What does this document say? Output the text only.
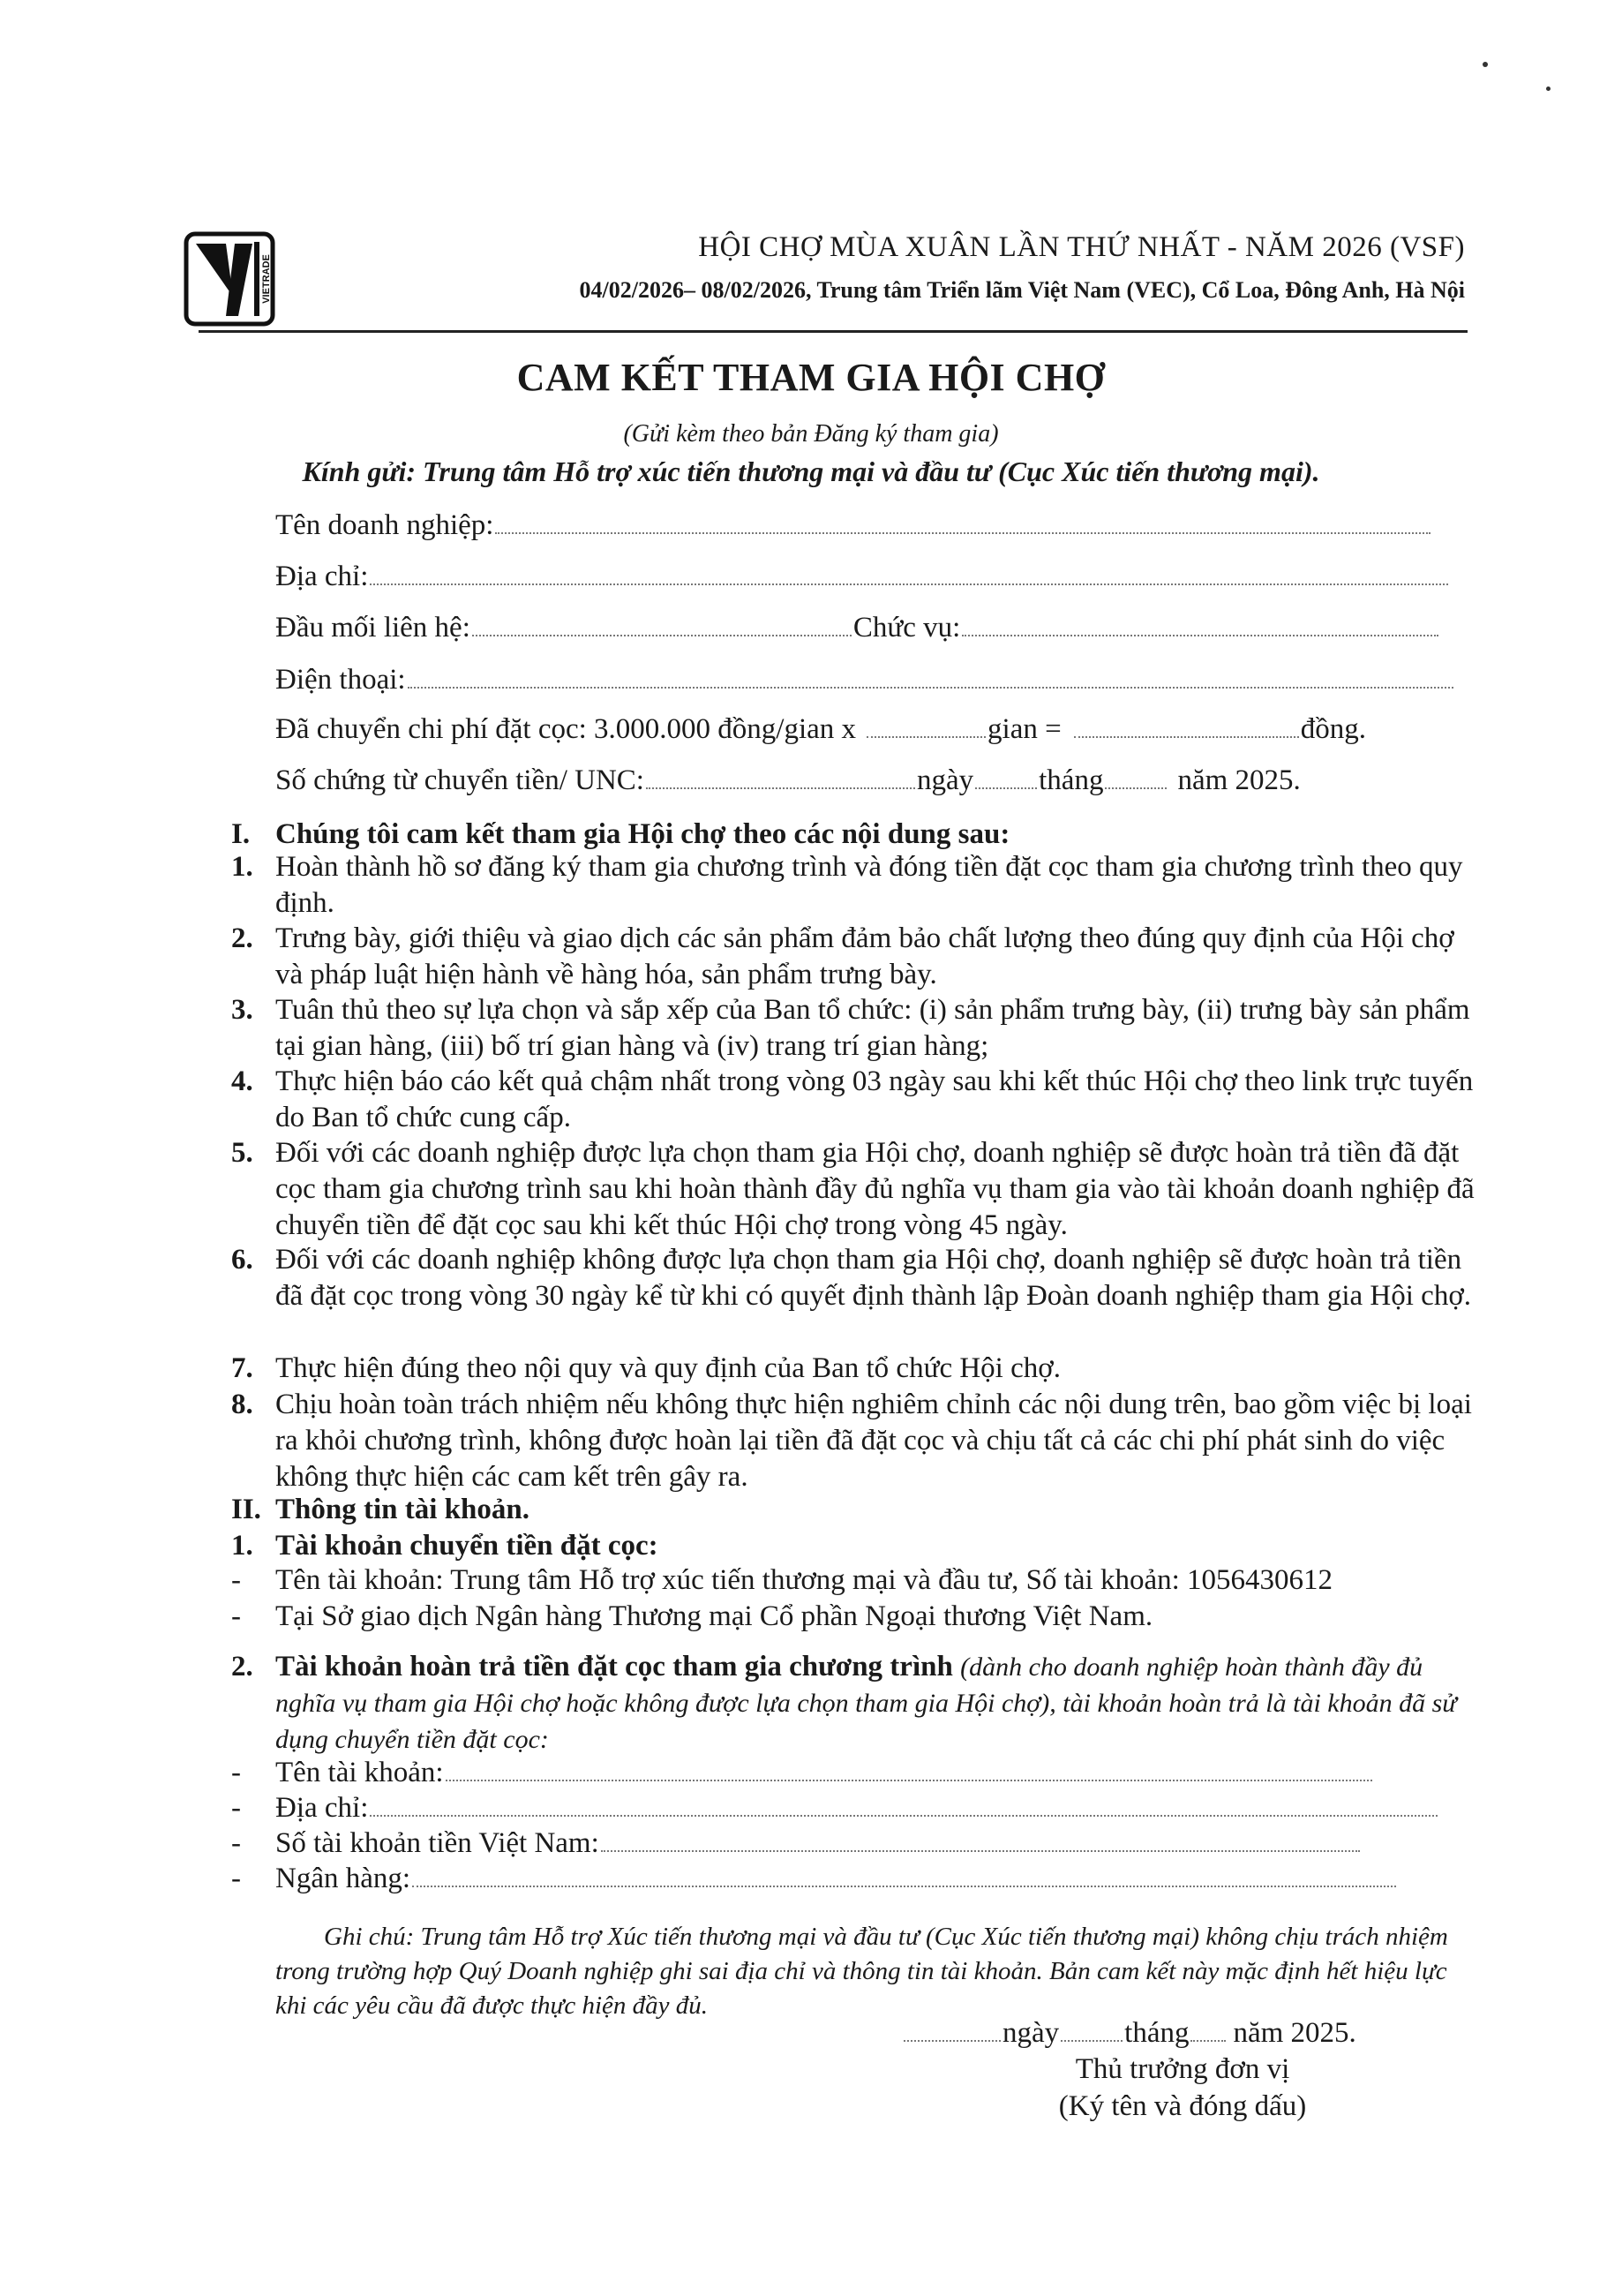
VIETRADE
HỘI CHỢ MÙA XUÂN LẦN THỨ NHẤT - NĂM 2026 (VSF)
04/02/2026– 08/02/2026, Trung tâm Triển lãm Việt Nam (VEC), Cổ Loa, Đông Anh, Hà Nội
CAM KẾT THAM GIA HỘI CHỢ
(Gửi kèm theo bản Đăng ký tham gia)
Kính gửi: Trung tâm Hỗ trợ xúc tiến thương mại và đầu tư (Cục Xúc tiến thương mại).
Tên doanh nghiệp:
Địa chỉ:
Đầu mối liên hệ:	Chức vụ:
Điện thoại:
Đã chuyển chi phí đặt cọc: 3.000.000 đồng/gian x	gian =	đồng.
Số chứng từ chuyển tiền/ UNC:	ngày tháng	năm 2025.
I. Chúng tôi cam kết tham gia Hội chợ theo các nội dung sau:
1. Hoàn thành hồ sơ đăng ký tham gia chương trình và đóng tiền đặt cọc tham gia chương trình theo quy định.
2. Trưng bày, giới thiệu và giao dịch các sản phẩm đảm bảo chất lượng theo đúng quy định của Hội chợ và pháp luật hiện hành về hàng hóa, sản phẩm trưng bày.
3. Tuân thủ theo sự lựa chọn và sắp xếp của Ban tổ chức: (i) sản phẩm trưng bày, (ii) trưng bày sản phẩm tại gian hàng, (iii) bố trí gian hàng và (iv) trang trí gian hàng;
4. Thực hiện báo cáo kết quả chậm nhất trong vòng 03 ngày sau khi kết thúc Hội chợ theo link trực tuyến do Ban tổ chức cung cấp.
5. Đối với các doanh nghiệp được lựa chọn tham gia Hội chợ, doanh nghiệp sẽ được hoàn trả tiền đã đặt cọc tham gia chương trình sau khi hoàn thành đầy đủ nghĩa vụ tham gia vào tài khoản doanh nghiệp đã chuyển tiền để đặt cọc sau khi kết thúc Hội chợ trong vòng 45 ngày.
6. Đối với các doanh nghiệp không được lựa chọn tham gia Hội chợ, doanh nghiệp sẽ được hoàn trả tiền đã đặt cọc trong vòng 30 ngày kể từ khi có quyết định thành lập Đoàn doanh nghiệp tham gia Hội chợ.
7. Thực hiện đúng theo nội quy và quy định của Ban tổ chức Hội chợ.
8. Chịu hoàn toàn trách nhiệm nếu không thực hiện nghiêm chỉnh các nội dung trên, bao gồm việc bị loại ra khỏi chương trình, không được hoàn lại tiền đã đặt cọc và chịu tất cả các chi phí phát sinh do việc không thực hiện các cam kết trên gây ra.
II. Thông tin tài khoản.
1. Tài khoản chuyển tiền đặt cọc:
- Tên tài khoản: Trung tâm Hỗ trợ xúc tiến thương mại và đầu tư, Số tài khoản: 1056430612
- Tại Sở giao dịch Ngân hàng Thương mại Cổ phần Ngoại thương Việt Nam.
2. Tài khoản hoàn trả tiền đặt cọc tham gia chương trình (dành cho doanh nghiệp hoàn thành đầy đủ nghĩa vụ tham gia Hội chợ hoặc không được lựa chọn tham gia Hội chợ), tài khoản hoàn trả là tài khoản đã sử dụng chuyển tiền đặt cọc:
- Tên tài khoản:
- Địa chỉ:
- Số tài khoản tiền Việt Nam:
- Ngân hàng:
Ghi chú: Trung tâm Hỗ trợ Xúc tiến thương mại và đầu tư (Cục Xúc tiến thương mại) không chịu trách nhiệm trong trường hợp Quý Doanh nghiệp ghi sai địa chỉ và thông tin tài khoản. Bản cam kết này mặc định hết hiệu lực khi các yêu cầu đã được thực hiện đầy đủ.
ngày tháng năm 2025.
Thủ trưởng đơn vị
(Ký tên và đóng dấu)
